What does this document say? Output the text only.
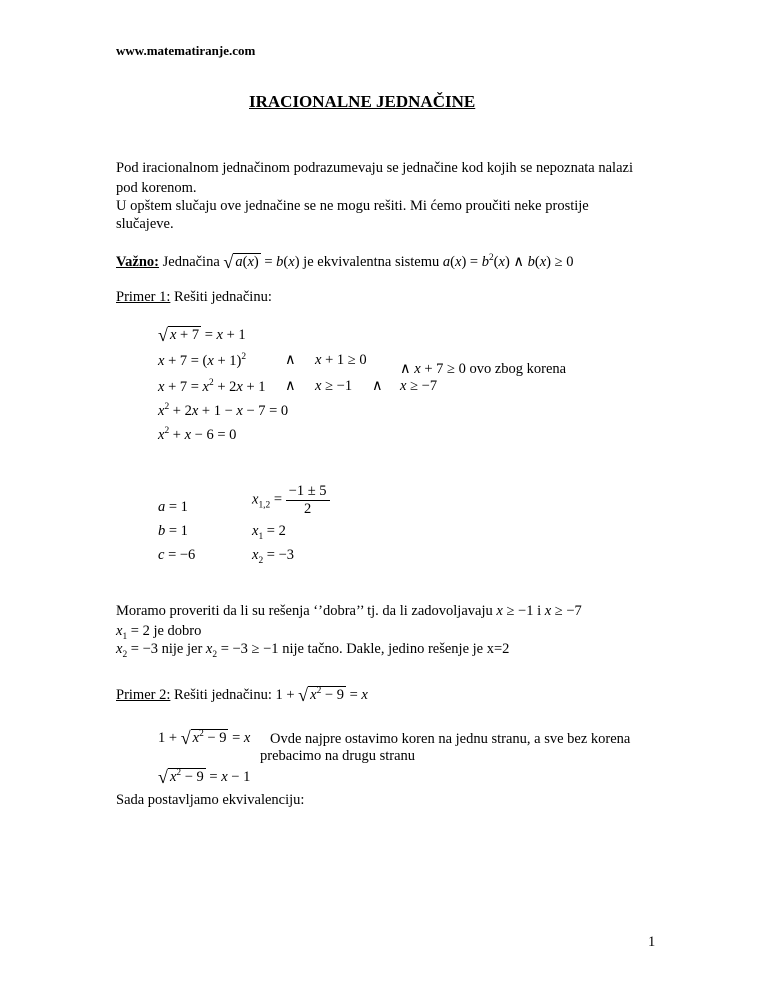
www.matematiranje.com
IRACIONALNE JEDNAČINE
Pod iracionalnom jednačinom podrazumevaju se jednačine kod kojih se nepoznata nalazi
pod korenom.
U opštem slučaju ove jednačine se ne mogu rešiti. Mi ćemo proučiti neke prostije
slučajeve.
Važno: Jednačina √ a(x) = b(x) je ekvivalentna sistemu $a(x) = b^2(x)$ ∧ b(x) ≥ 0
Primer 1: Rešiti jednačinu:
√ x + 7 = x + 1
$x + 7 = (x + 1)^2$	∧ x + 1 ≥ 0
∧ x + 7 ≥ 0 ovo zbog korena
$x + 7 = x^2 + 2x + 1$ ∧ x ≥ −1 ∧ x ≥ −7
$x^2 + 2x + 1 - x - 7 = 0$
$x^2 + x - 6 = 0$
a = 1
b = 1
c = −6
$x_{1,2} = \frac{-1 \pm 5}{2}$
$x_1 = 2$
$x_2 = -3$
Moramo proveriti da li su rešenja ‘’dobra’’ tj. da li zadovoljavaju x ≥ −1 i x ≥ −7
$x_1 = 2$ je dobro
$x_2 = -3$ nije jer $x_2 = -3 \ge -1$ nije tačno. Dakle, jedino rešenje je x=2
Primer 2: Rešiti jednačinu: 1 + √ $x^2 - 9 = x$
1 + √ $x^2 - 9 = x$ Ovde najpre ostavimo koren na jednu stranu, a sve bez korena
prebacimo na drugu stranu
√ $x^2 - 9 = x - 1$
Sada postavljamo ekvivalenciju:
1
